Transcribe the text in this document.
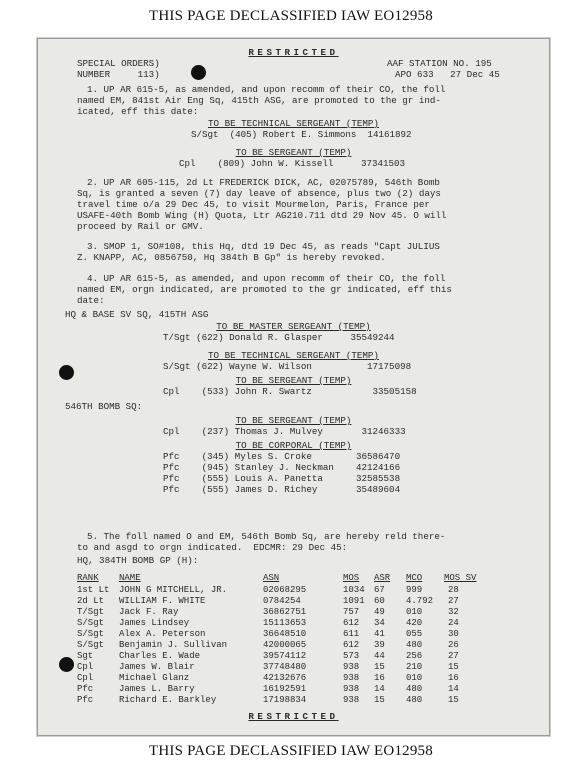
THIS PAGE DECLASSIFIED IAW EO12958
RESTRICTED
SPECIAL ORDERS)
NUMBER     113)
AAF STATION NO. 195
APO 633   27 Dec 45
1. UP AR 615-5, as amended, and upon recomm of their CO, the foll
named EM, 841st Air Eng Sq, 415th ASG, are promoted to the gr ind-
icated, eff this date:
TO BE TECHNICAL SERGEANT (TEMP)
S/Sgt  (405) Robert E. Simmons  14161892
TO BE SERGEANT (TEMP)
Cpl    (809) John W. Kissell     37341503
2. UP AR 605-115, 2d Lt FREDERICK DICK, AC, 02075789, 546th Bomb
Sq, is granted a seven (7) day leave of absence, plus two (2) days
travel time o/a 29 Dec 45, to visit Mourmelon, Paris, France per
USAFE-40th Bomb Wing (H) Quota, Ltr AG210.711 dtd 29 Nov 45. O will
proceed by Rail or GMV.
3. SMOP 1, SO#108, this Hq, dtd 19 Dec 45, as reads "Capt JULIUS
Z. KNAPP, AC, 0856750, Hq 384th B Gp" is hereby revoked.
4. UP AR 615-5, as amended, and upon recomm of their CO, the foll
named EM, orgn indicated, are promoted to the gr indicated, eff this
date:
HQ & BASE SV SQ, 415TH ASG
TO BE MASTER SERGEANT (TEMP)
T/Sgt (622) Donald R. Glasper     35549244
TO BE TECHNICAL SERGEANT (TEMP)
S/Sgt (622) Wayne W. Wilson          17175098
TO BE SERGEANT (TEMP)
Cpl    (533) John R. Swartz           33505158
546TH BOMB SQ:
TO BE SERGEANT (TEMP)
Cpl    (237) Thomas J. Mulvey       31246333
TO BE CORPORAL (TEMP)
Pfc    (345) Myles S. Croke        36586470
Pfc    (945) Stanley J. Neckman    42124166
Pfc    (555) Louis A. Panetta      32585538
Pfc    (555) James D. Richey       35489604
5. The foll named O and EM, 546th Bomb Sq, are hereby reld there-
to and asgd to orgn indicated.  EDCMR: 29 Dec 45:
HQ, 384TH BOMB GP (H):
RANK NAME	ASN	MOS ASR MCO MOS SV
1st Lt JOHN G MITCHELL, JR.	02068295	1034 67 999	28
2d Lt WILLIAM F. WHITE	0784254	1091 60 4.792 27
T/Sgt Jack F. Ray	36862751	757 49 010	32
S/Sgt James Lindsey	15113653	612 34 420	24
S/Sgt Alex A. Peterson	36648510	611 41 055	30
S/Sgt Benjamin J. Sullivan	42000065	612 39 480	26
Sgt	Charles E. Wade	39574112	573 44 256	27
Cpl	James W. Blair	37748480	938 15 210	15
Cpl	Michael Glanz	42132676	938 16 010	16
Pfc	James L. Barry	16192591	938 14 480	14
Pfc	Richard E. Barkley	17198834	938 15 480	15
RESTRICTED
THIS PAGE DECLASSIFIED IAW EO12958
